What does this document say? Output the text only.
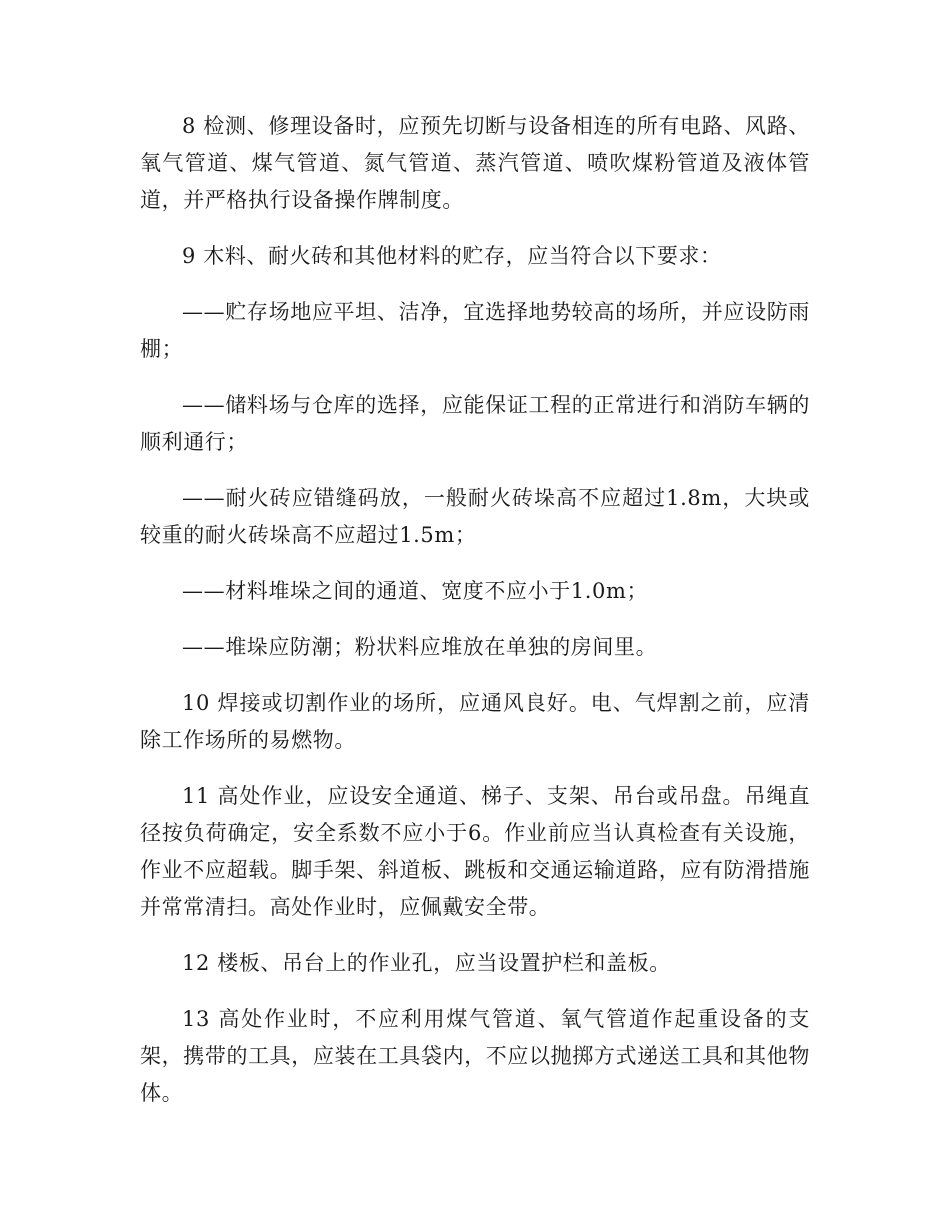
8 检测、修理设备时，应预先切断与设备相连的所有电路、风路、氧气管道、煤气管道、氮气管道、蒸汽管道、喷吹煤粉管道及液体管道，并严格执行设备操作牌制度。

9 木料、耐火砖和其他材料的贮存，应当符合以下要求：

——贮存场地应平坦、洁净，宜选择地势较高的场所，并应设防雨棚；

——储料场与仓库的选择，应能保证工程的正常进行和消防车辆的顺利通行；

——耐火砖应错缝码放，一般耐火砖垛高不应超过1.8m，大块或较重的耐火砖垛高不应超过1.5m；

——材料堆垛之间的通道、宽度不应小于1.0m；

——堆垛应防潮；粉状料应堆放在单独的房间里。

10 焊接或切割作业的场所，应通风良好。电、气焊割之前，应清除工作场所的易燃物。

11 高处作业，应设安全通道、梯子、支架、吊台或吊盘。吊绳直径按负荷确定，安全系数不应小于6。作业前应当认真检查有关设施，作业不应超载。脚手架、斜道板、跳板和交通运输道路，应有防滑措施并常常清扫。高处作业时，应佩戴安全带。

12 楼板、吊台上的作业孔，应当设置护栏和盖板。

13 高处作业时，不应利用煤气管道、氧气管道作起重设备的支架，携带的工具，应装在工具袋内，不应以抛掷方式递送工具和其他物体。
